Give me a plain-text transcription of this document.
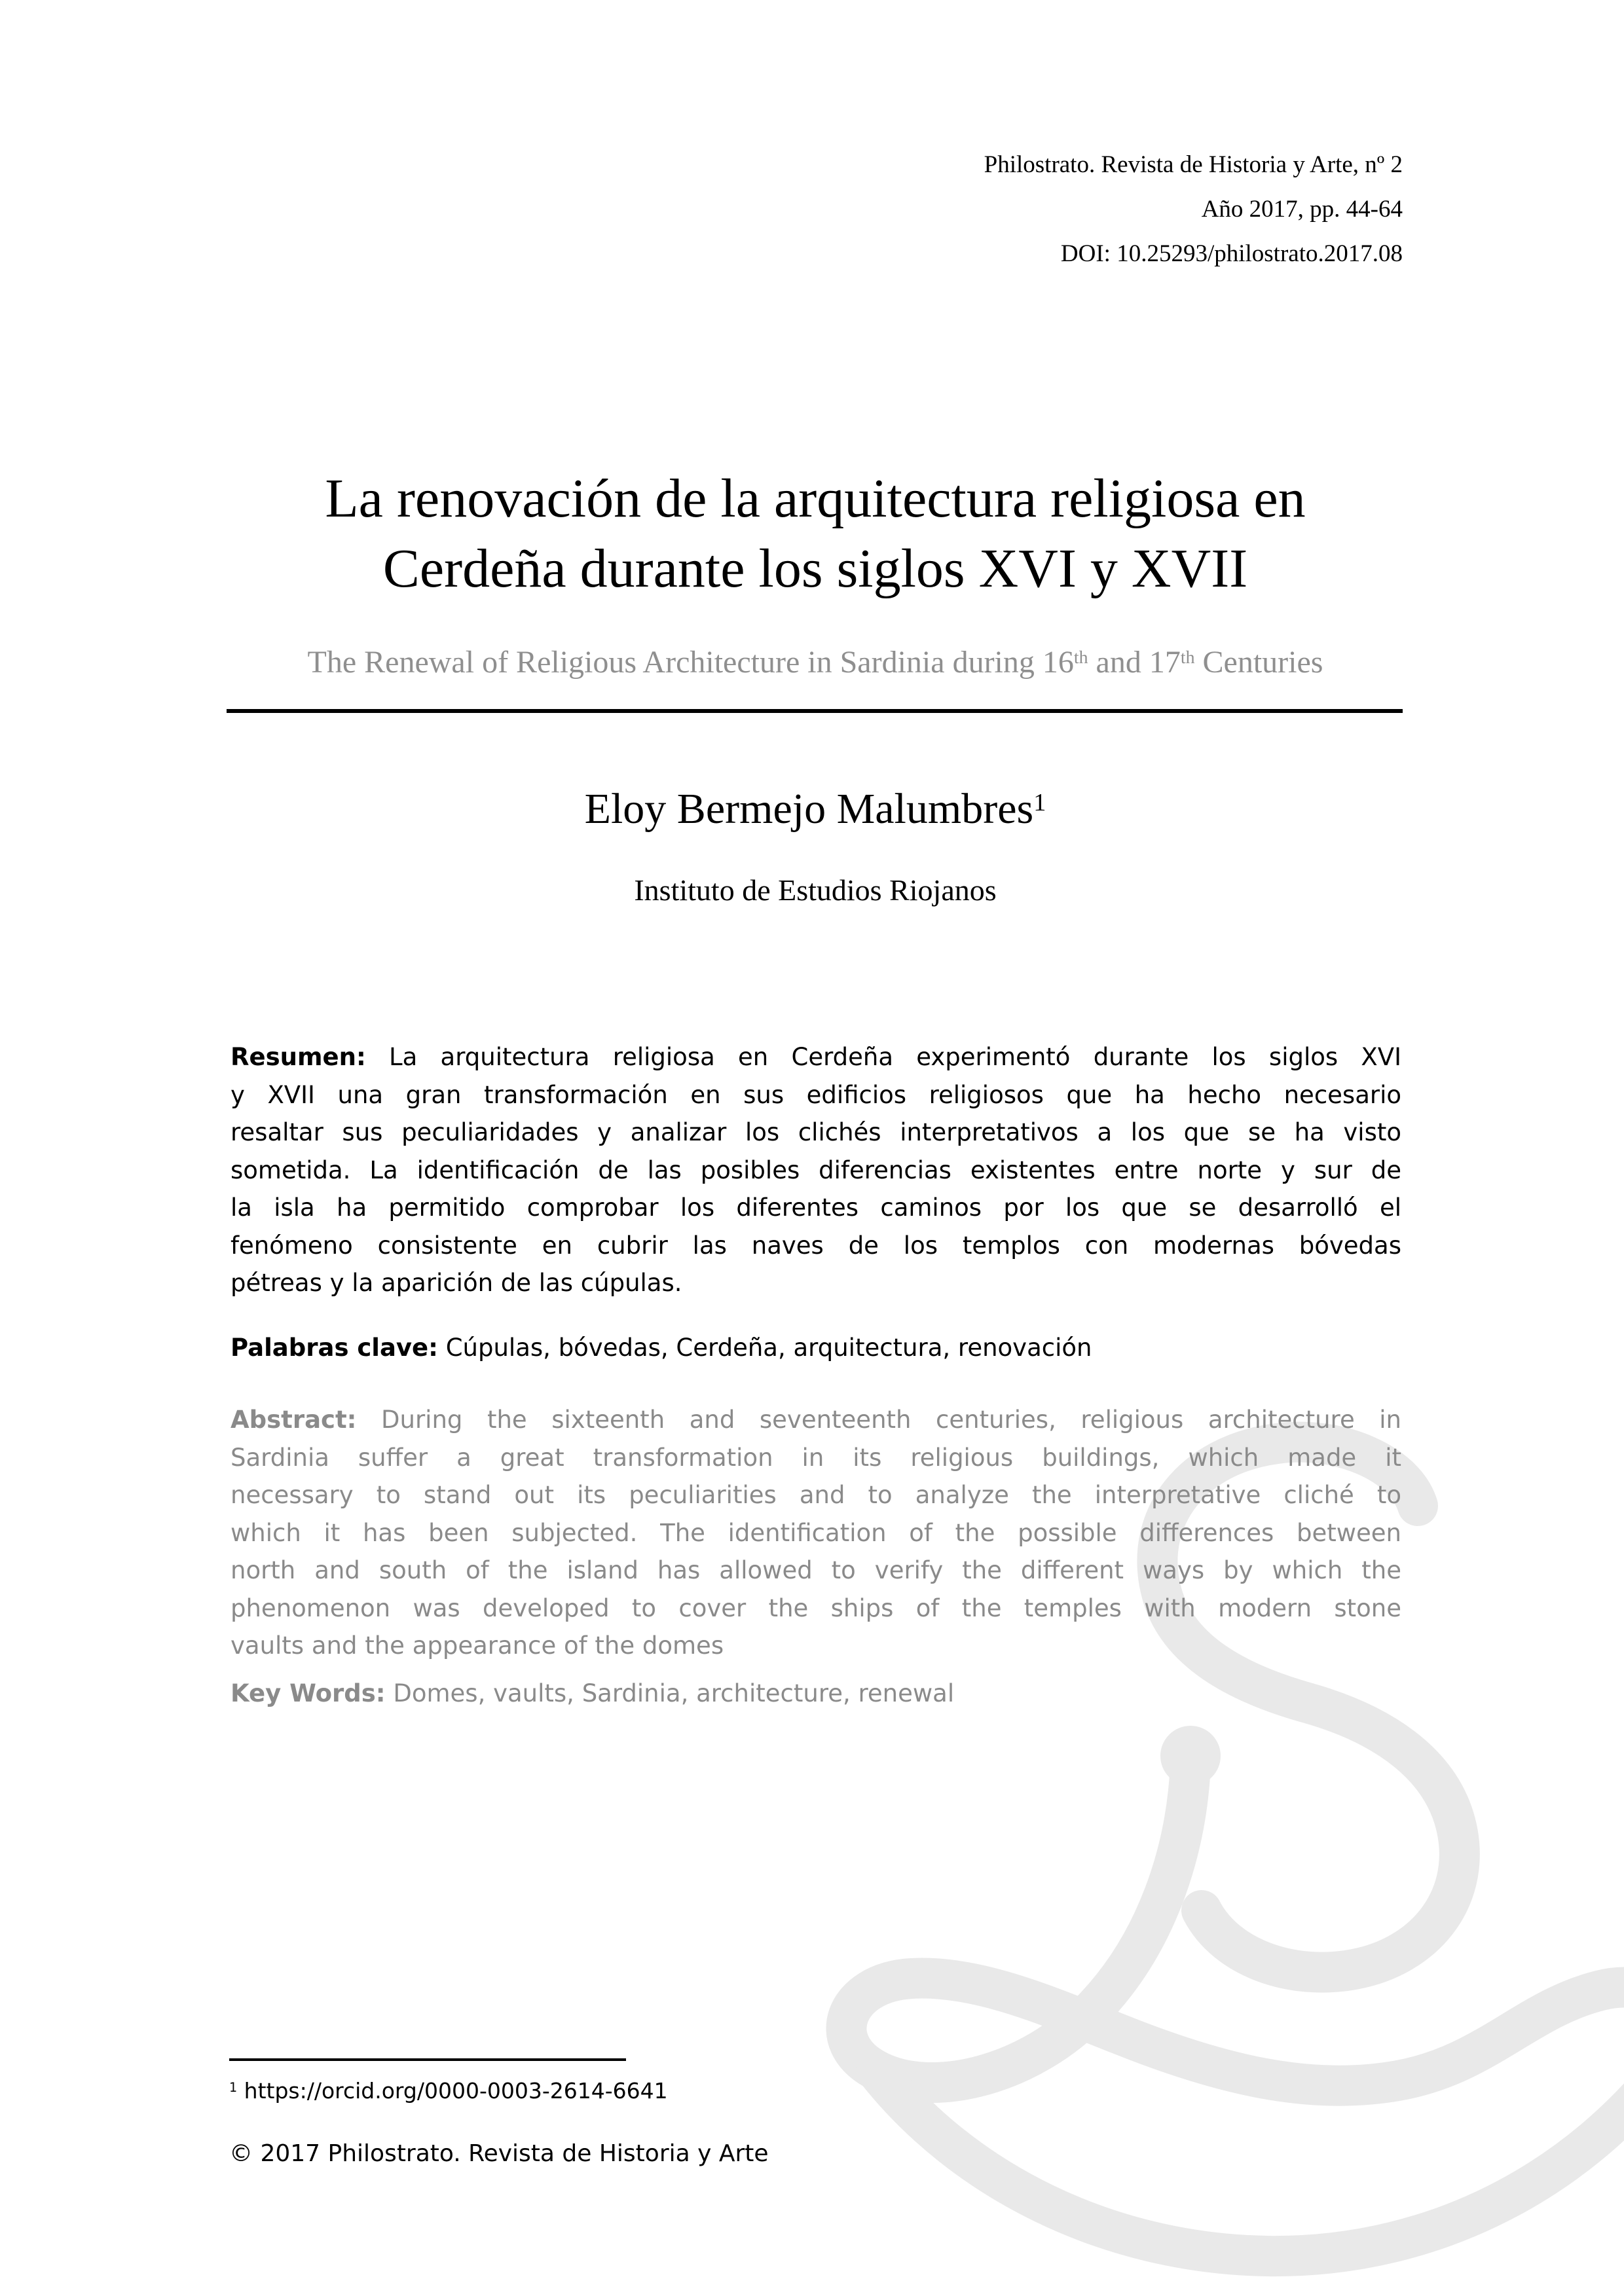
Philostrato. Revista de Historia y Arte, nº 2
Año 2017, pp. 44-64
DOI: 10.25293/philostrato.2017.08
La renovación de la arquitectura religiosa en
Cerdeña durante los siglos XVI y XVII
The Renewal of Religious Architecture in Sardinia during 16th and 17th Centuries
Eloy Bermejo Malumbres$^1$
Instituto de Estudios Riojanos
Resumen: La arquitectura religiosa en Cerdeña experimentó durante los siglos XVI
y XVII una gran transformación en sus edificios religiosos que ha hecho necesario
resaltar sus peculiaridades y analizar los clichés interpretativos a los que se ha visto
sometida. La identificación de las posibles diferencias existentes entre norte y sur de
la isla ha permitido comprobar los diferentes caminos por los que se desarrolló el
fenómeno consistente en cubrir las naves de los templos con modernas bóvedas
pétreas y la aparición de las cúpulas.
Palabras clave: Cúpulas, bóvedas, Cerdeña, arquitectura, renovación
Abstract: During the sixteenth and seventeenth centuries, religious architecture in
Sardinia suffer a great transformation in its religious buildings, which made it
necessary to stand out its peculiarities and to analyze the interpretative cliché to
which it has been subjected. The identification of the possible differences between
north and south of the island has allowed to verify the different ways by which the
phenomenon was developed to cover the ships of the temples with modern stone
vaults and the appearance of the domes
Key Words: Domes, vaults, Sardinia, architecture, renewal
$^1$ https://orcid.org/0000-0003-2614-6641
© 2017 Philostrato. Revista de Historia y Arte
